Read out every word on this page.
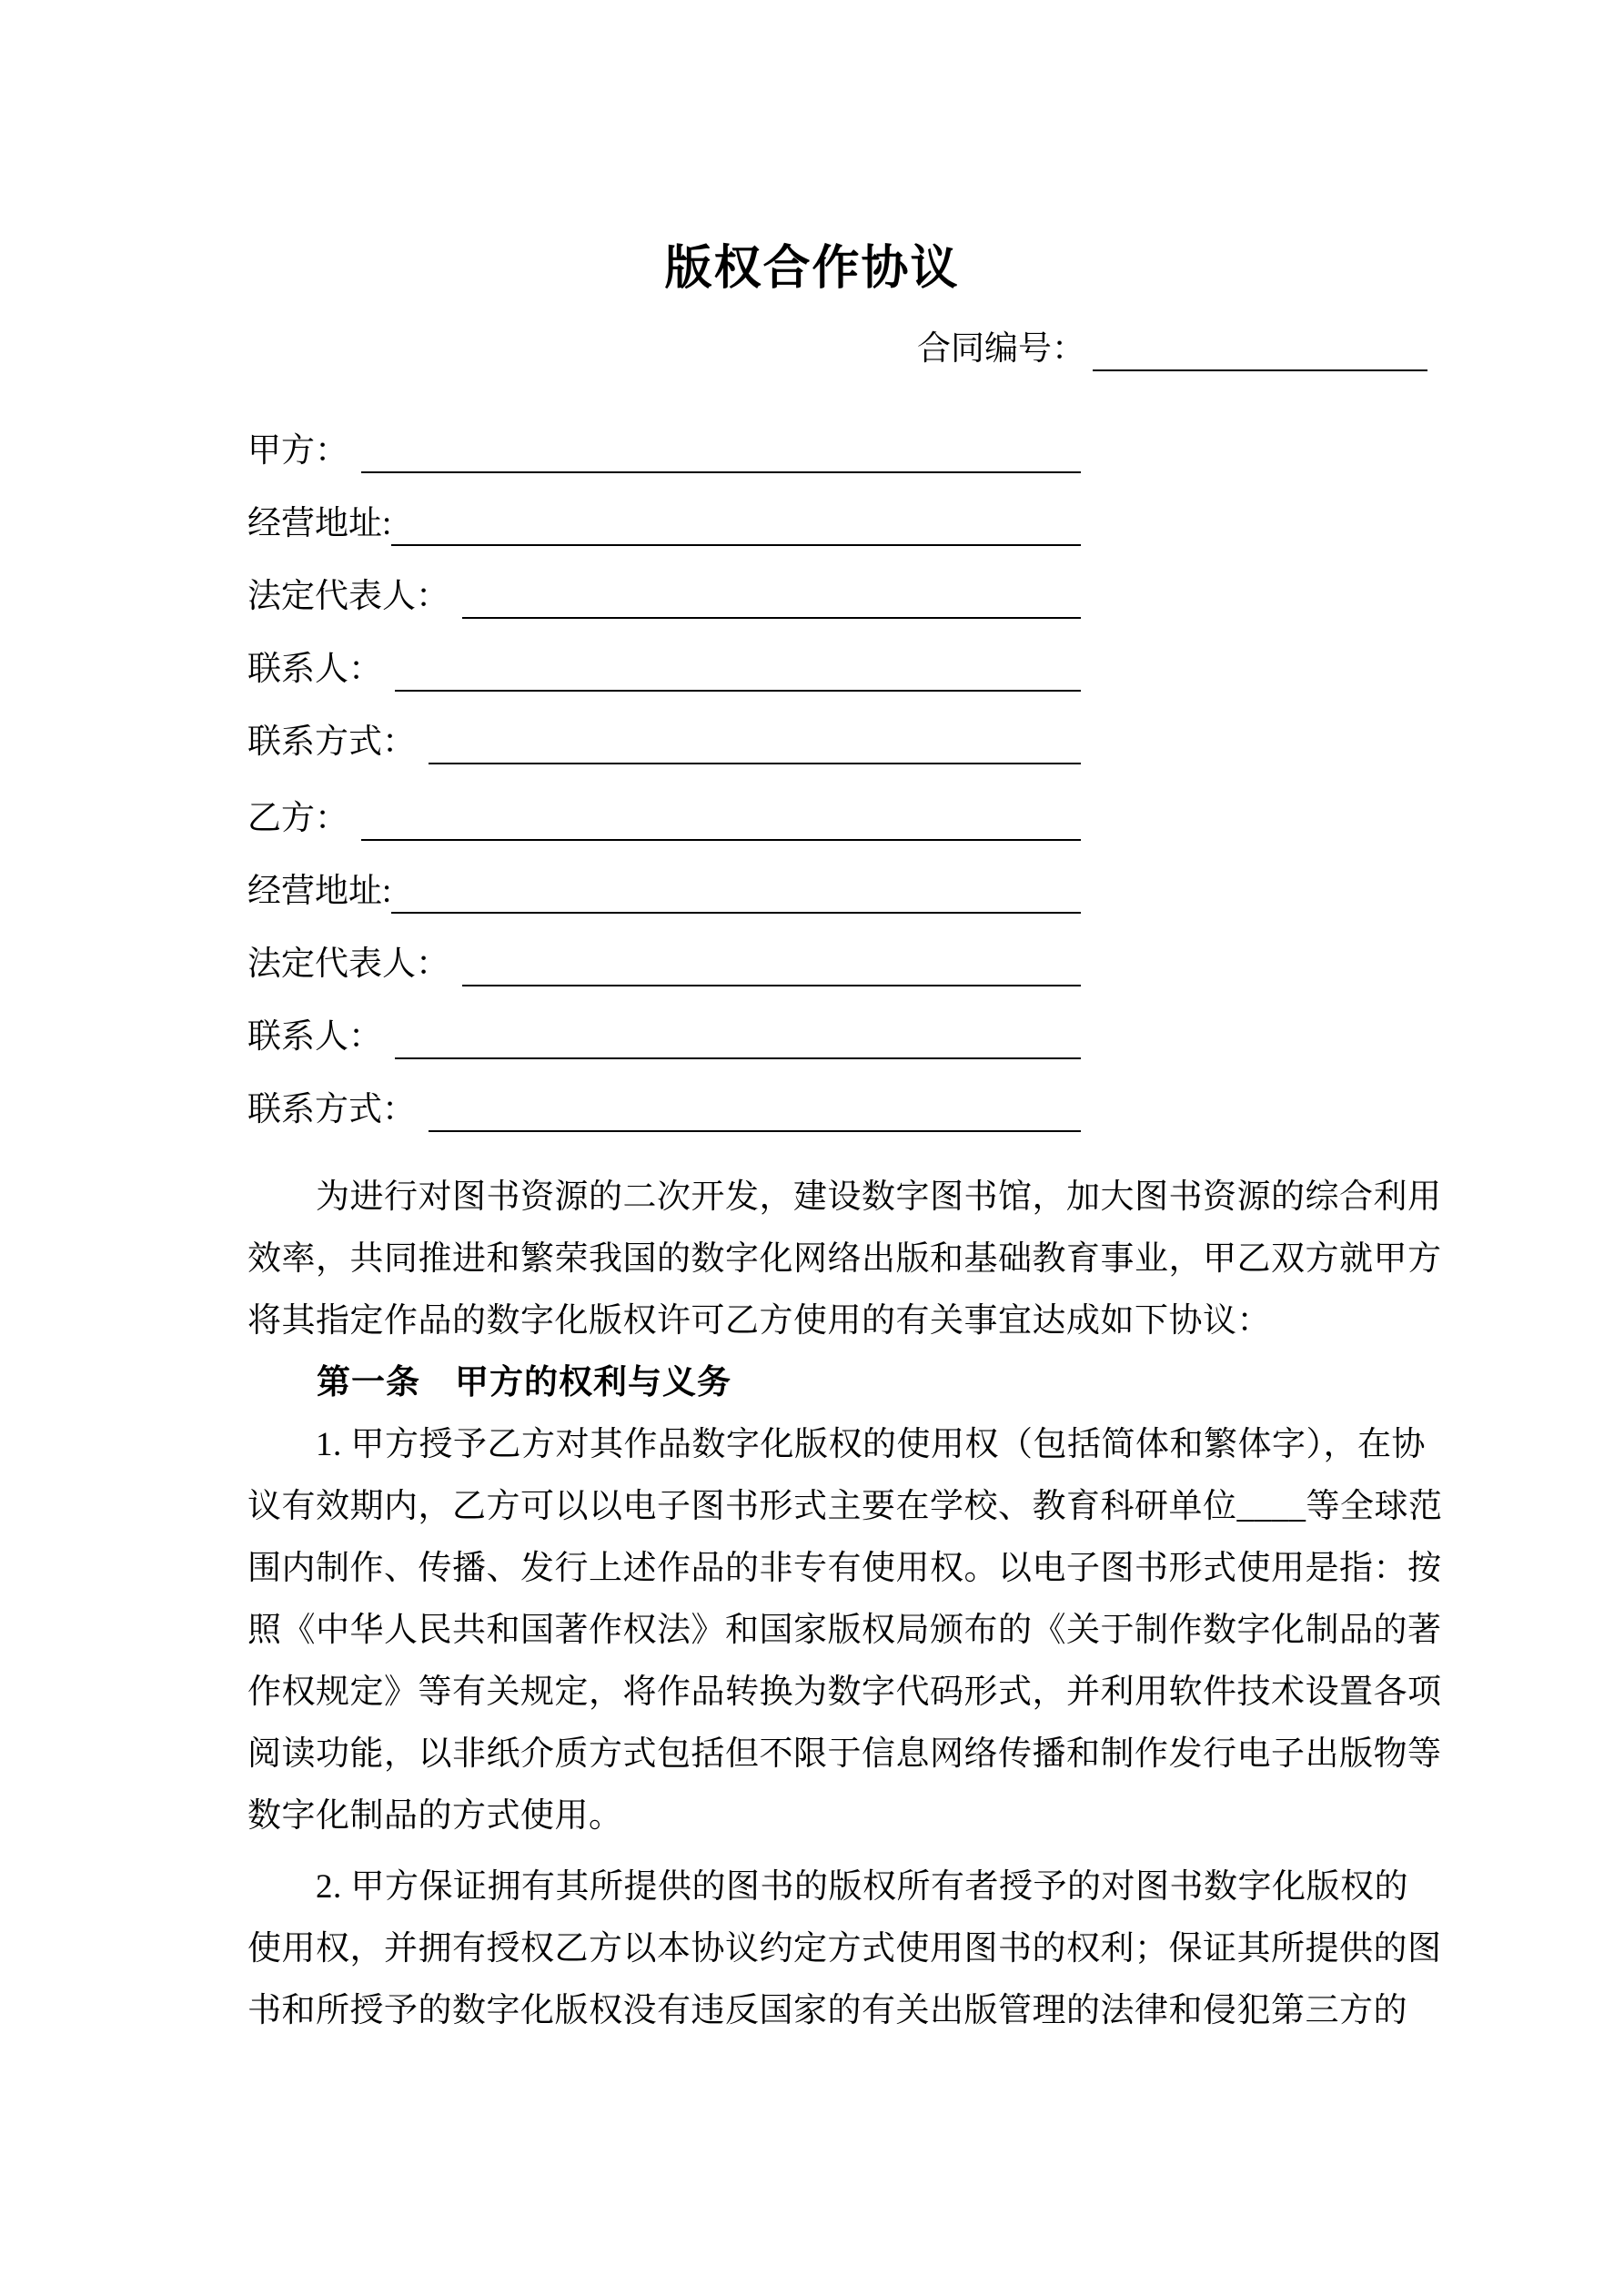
版权合作协议
合同编号：
甲方：
经营地址:
法定代表人：
联系人：
联系方式：
乙方：
经营地址:
法定代表人：
联系人：
联系方式：

　　为进行对图书资源的二次开发，建设数字图书馆，加大图书资源的综合利用

效率，共同推进和繁荣我国的数字化网络出版和基础教育事业，甲乙双方就甲方

将其指定作品的数字化版权许可乙方使用的有关事宜达成如下协议：

　　第一条　甲方的权利与义务

　　1. 甲方授予乙方对其作品数字化版权的使用权（包括简体和繁体字），在协

议有效期内，乙方可以以电子图书形式主要在学校、教育科研单位____等全球范

围内制作、传播、发行上述作品的非专有使用权。以电子图书形式使用是指：按

照《中华人民共和国著作权法》和国家版权局颁布的《关于制作数字化制品的著

作权规定》等有关规定，将作品转换为数字代码形式，并利用软件技术设置各项

阅读功能，以非纸介质方式包括但不限于信息网络传播和制作发行电子出版物等

数字化制品的方式使用。

　　2. 甲方保证拥有其所提供的图书的版权所有者授予的对图书数字化版权的

使用权，并拥有授权乙方以本协议约定方式使用图书的权利；保证其所提供的图

书和所授予的数字化版权没有违反国家的有关出版管理的法律和侵犯第三方的
